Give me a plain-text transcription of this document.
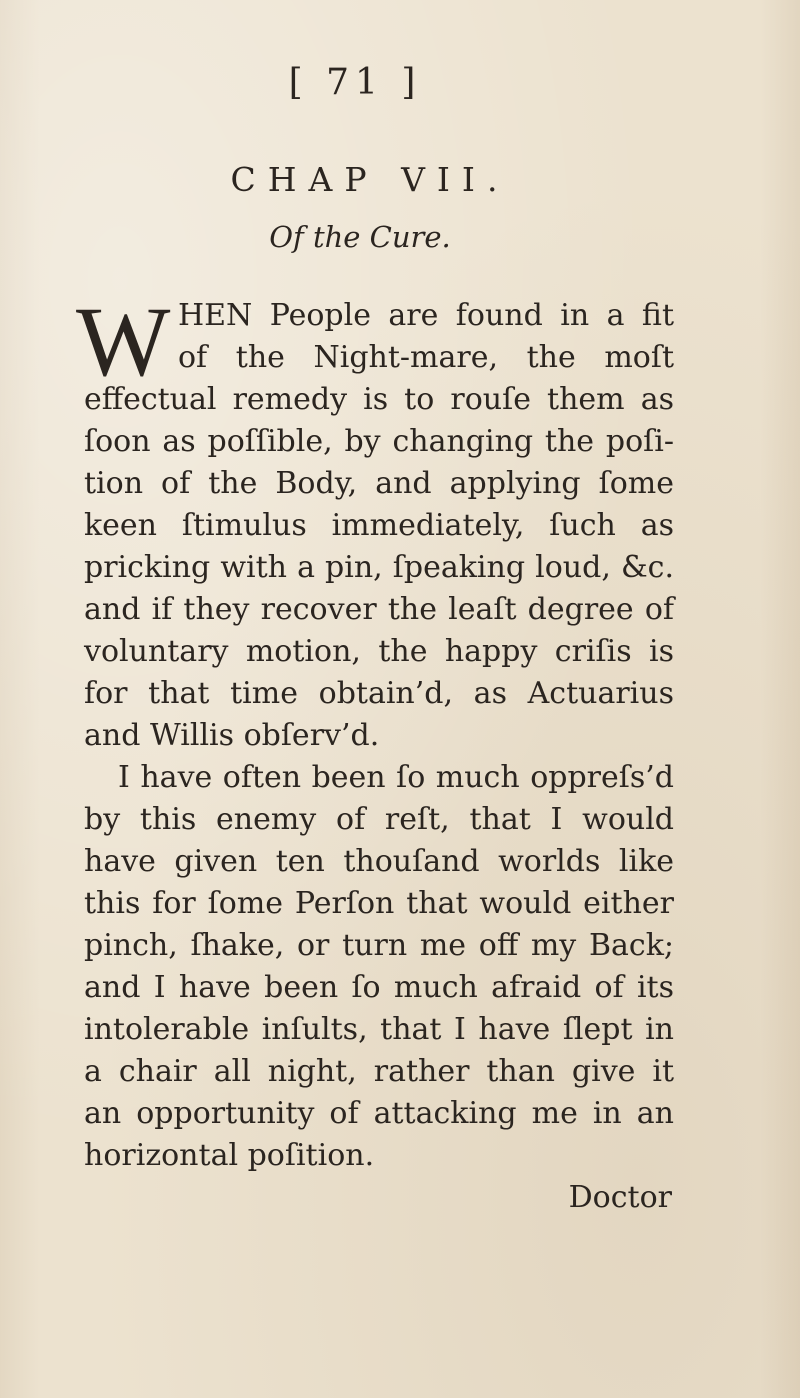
[ 71 ]
CHAP VII.
Of the Cure.
W HEN People are found in a fit
of the Night-mare, the moſt
effectual remedy is to rouſe them as
ſoon as poſſible, by changing the poſi-
tion of the Body, and applying ſome
keen ſtimulus immediately, ſuch as
pricking with a pin, ſpeaking loud, &c.
and if they recover the leaſt degree of
voluntary motion, the happy criſis is
for that time obtain’d, as Actuarius
and Willis obſerv’d.
I have often been ſo much oppreſs’d
by this enemy of reſt, that I would
have given ten thouſand worlds like
this for ſome Perſon that would either
pinch, ſhake, or turn me off my Back;
and I have been ſo much afraid of its
intolerable inſults, that I have ſlept in
a chair all night, rather than give it
an opportunity of attacking me in an
horizontal poſition.
Doctor
